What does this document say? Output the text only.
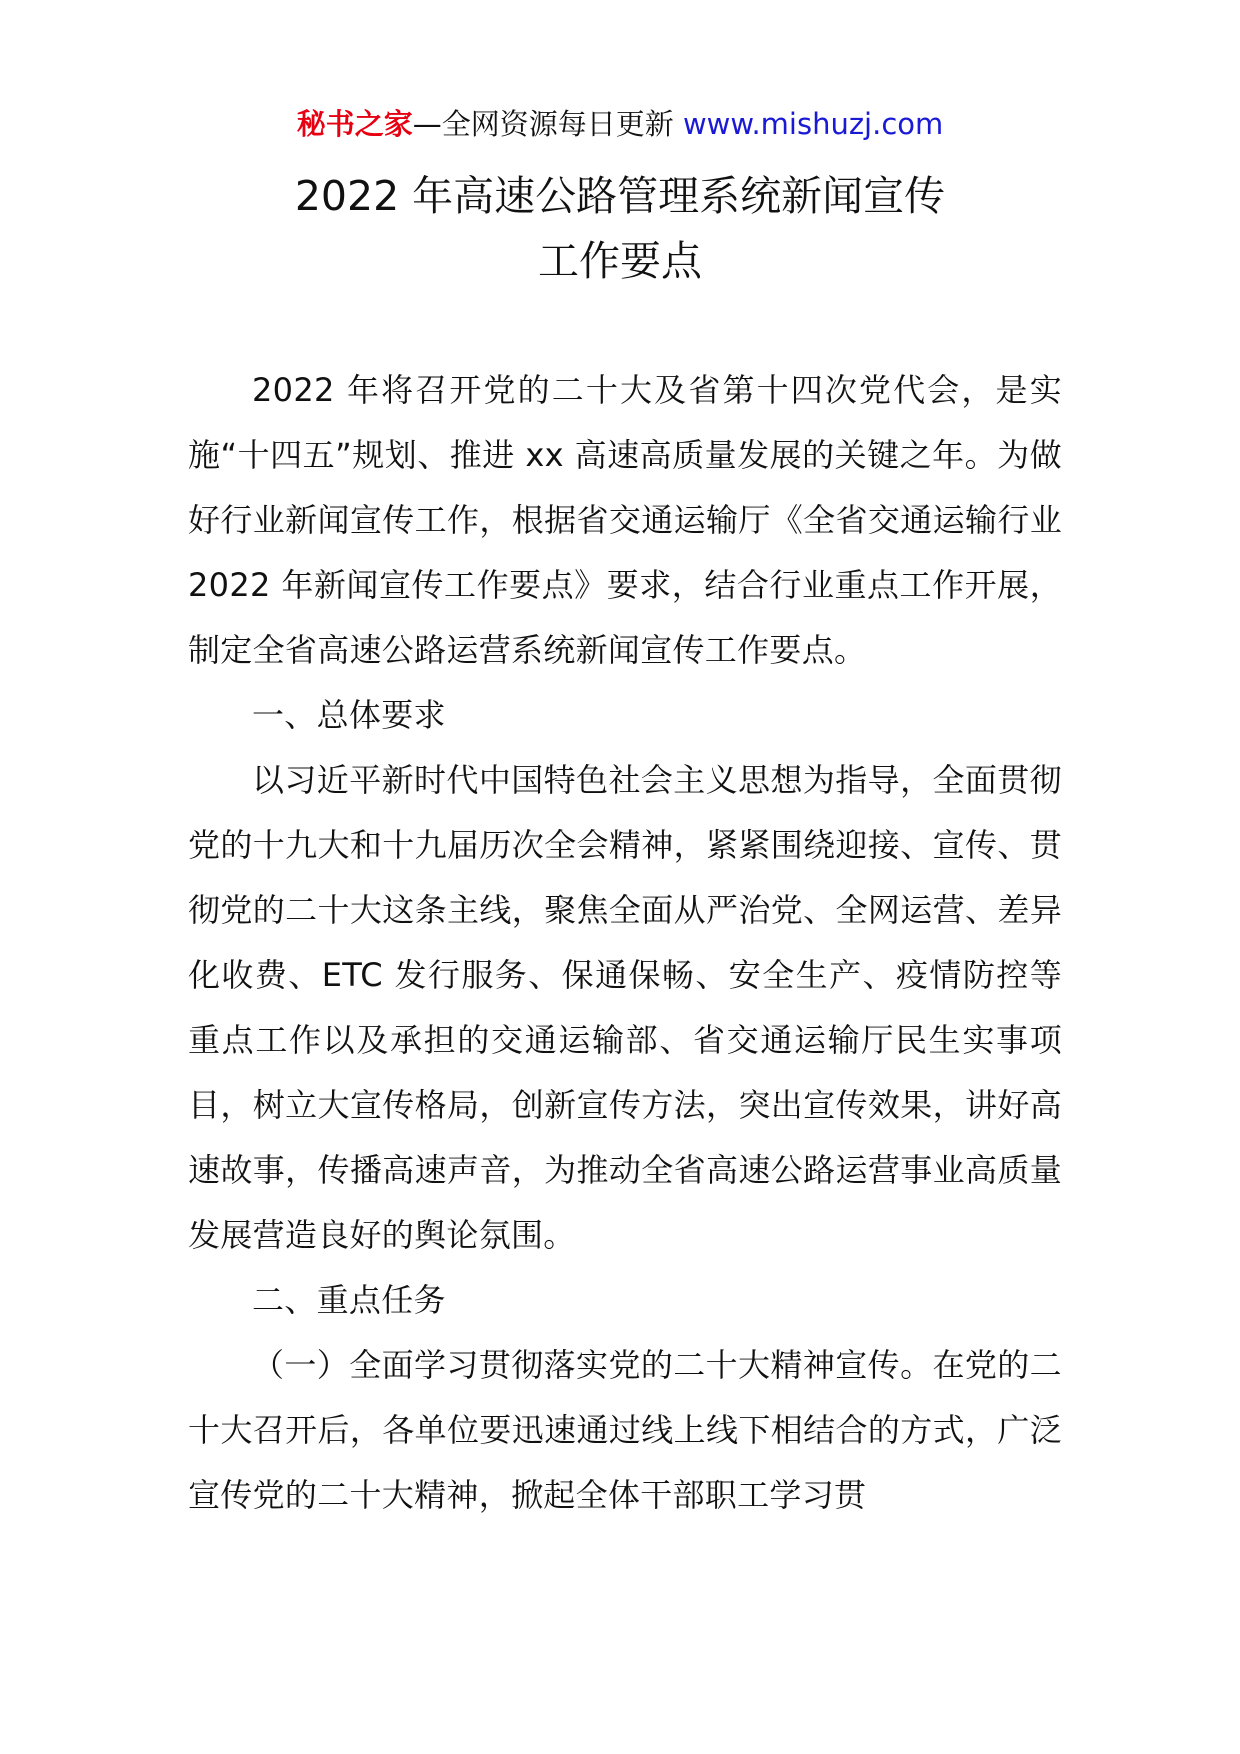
秘书之家—全网资源每日更新 www.mishuzj.com
2022 年高速公路管理系统新闻宣传
工作要点

2022 年将召开党的二十大及省第十四次党代会，是实施“十四五”规划、推进 xx 高速高质量发展的关键之年。为做好行业新闻宣传工作，根据省交通运输厅《全省交通运输行业 2022 年新闻宣传工作要点》要求，结合行业重点工作开展，制定全省高速公路运营系统新闻宣传工作要点。

一、总体要求

以习近平新时代中国特色社会主义思想为指导，全面贯彻党的十九大和十九届历次全会精神，紧紧围绕迎接、宣传、贯彻党的二十大这条主线，聚焦全面从严治党、全网运营、差异化收费、ETC 发行服务、保通保畅、安全生产、疫情防控等重点工作以及承担的交通运输部、省交通运输厅民生实事项目，树立大宣传格局，创新宣传方法，突出宣传效果，讲好高速故事，传播高速声音，为推动全省高速公路运营事业高质量发展营造良好的舆论氛围。

二、重点任务

（一）全面学习贯彻落实党的二十大精神宣传。在党的二十大召开后，各单位要迅速通过线上线下相结合的方式，广泛宣传党的二十大精神，掀起全体干部职工学习贯
